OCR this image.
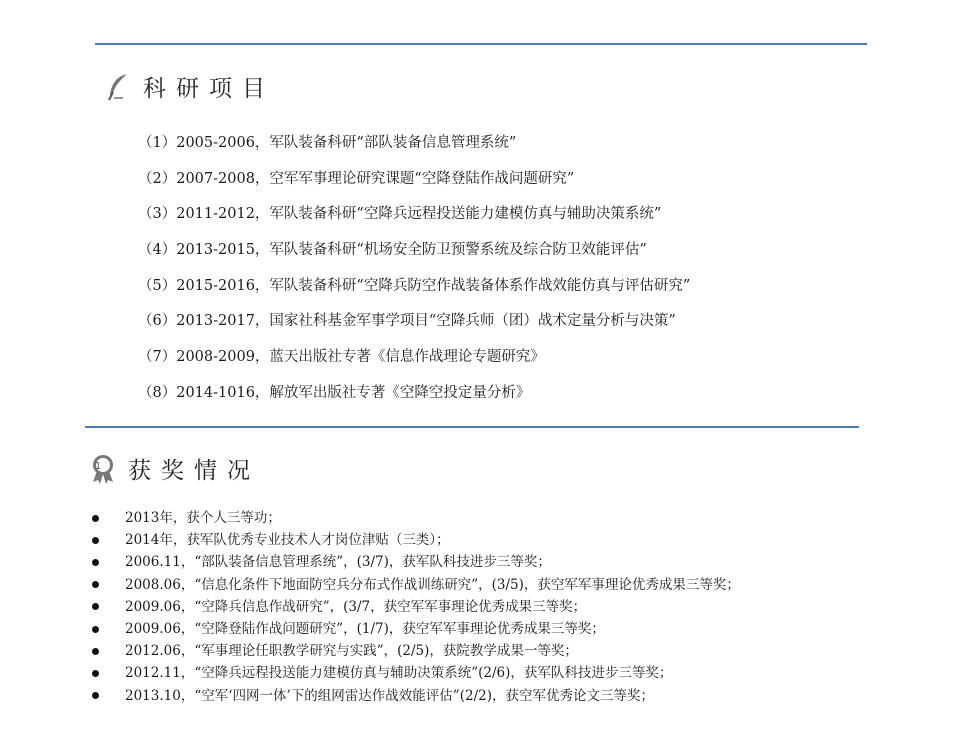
科研项目
（1）2005-2006，军队装备科研“部队装备信息管理系统”
（2）2007-2008，空军军事理论研究课题“空降登陆作战问题研究”
（3）2011-2012，军队装备科研“空降兵远程投送能力建模仿真与辅助决策系统”
（4）2013-2015，军队装备科研“机场安全防卫预警系统及综合防卫效能评估”
（5）2015-2016，军队装备科研“空降兵防空作战装备体系作战效能仿真与评估研究”
（6）2013-2017，国家社科基金军事学项目“空降兵师（团）战术定量分析与决策”
（7）2008-2009，蓝天出版社专著《信息作战理论专题研究》
（8）2014-1016，解放军出版社专著《空降空投定量分析》
1 获奖情况
2013年，获个人三等功；
2014年，获军队优秀专业技术人才岗位津贴（三类）；
2006.11，“部队装备信息管理系统”，(3/7)，获军队科技进步三等奖；
2008.06，“信息化条件下地面防空兵分布式作战训练研究”，(3/5)，获空军军事理论优秀成果三等奖；
2009.06，“空降兵信息作战研究”，(3/7，获空军军事理论优秀成果三等奖；
2009.06，“空降登陆作战问题研究”，(1/7)，获空军军事理论优秀成果三等奖；
2012.06，“军事理论任职教学研究与实践”，(2/5)，获院教学成果一等奖；
2012.11，“空降兵远程投送能力建模仿真与辅助决策系统”(2/6)，获军队科技进步三等奖；
2013.10，“空军‘四网一体’下的组网雷达作战效能评估”(2/2)，获空军优秀论文三等奖；
